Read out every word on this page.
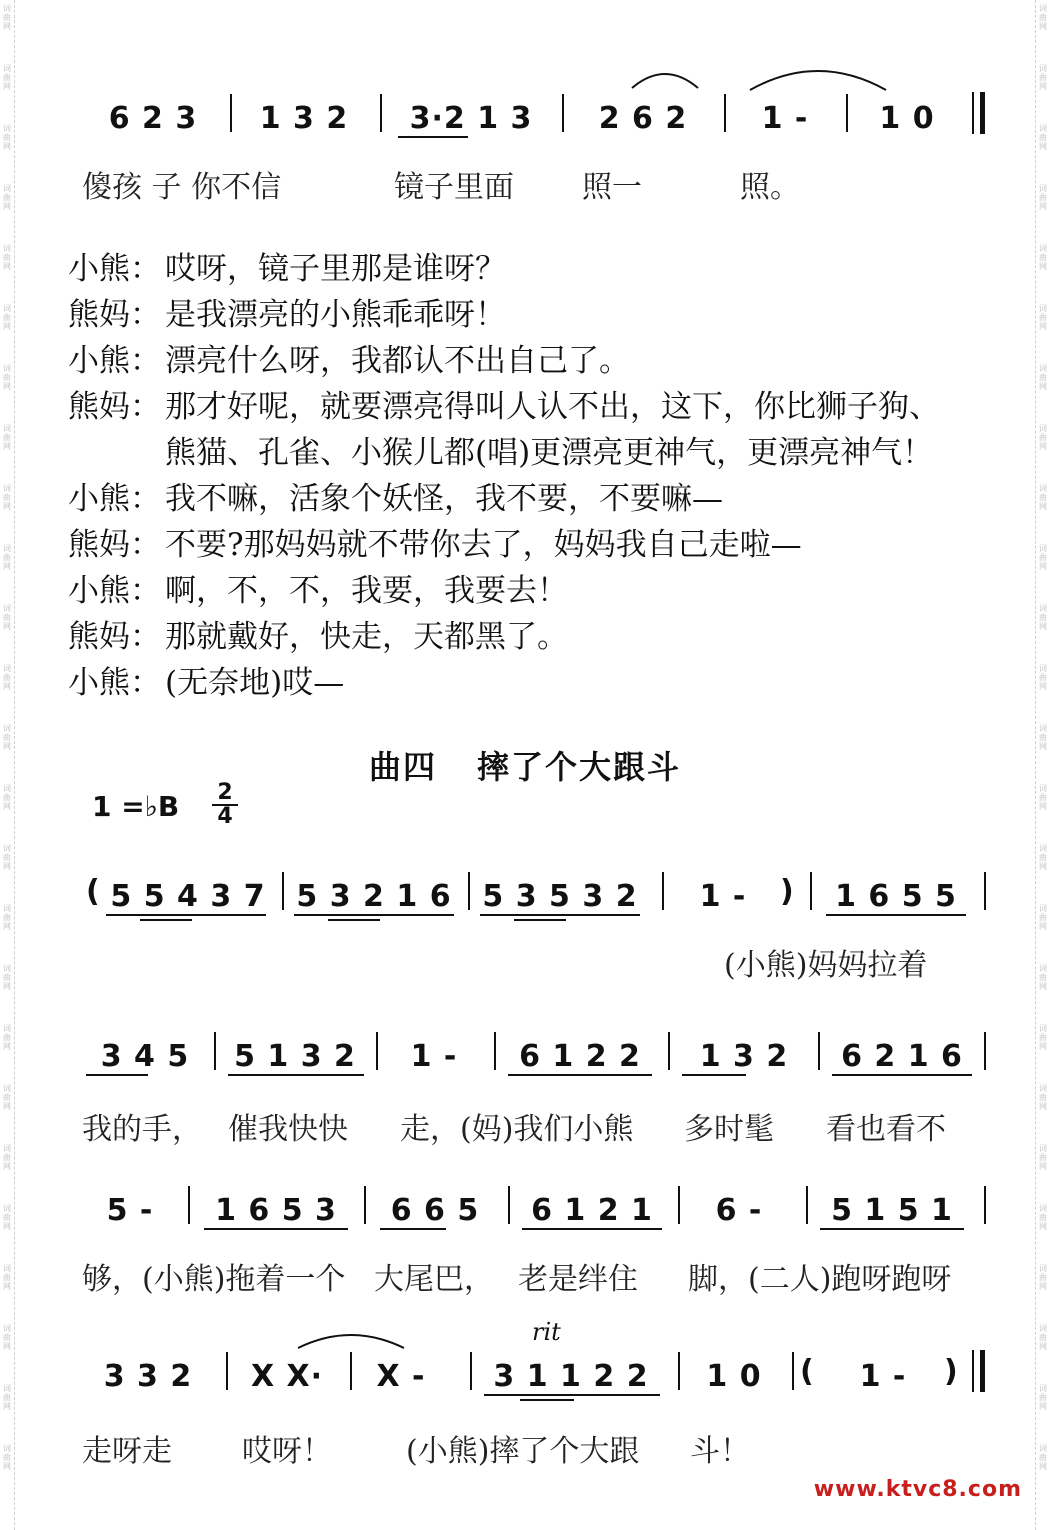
词
曲
网
词
曲
网
词
曲
网
词
曲
网
词
曲
网
词
曲
网
词
曲
网
词
曲
网
词
曲
网
词
曲
网
词
曲
网
词
曲
网
词
曲
网
词
曲
网
词
曲
网
词
曲
网
词
曲
网
词
曲
网
词
曲
网
词
曲
网
词
曲
网
词
曲
网
词
曲
网
词
曲
网
词
曲
网
词
曲
网
词
曲
网
词
曲
网
词
曲
网
词
曲
网
词
曲
网
词
曲
网
词
曲
网
词
曲
网
词
曲
网
词
曲
网
词
曲
网
词
曲
网
词
曲
网
词
曲
网
词
曲
网
词
曲
网
词
曲
网
词
曲
网
词
曲
网
词
曲
网
词
曲
网
词
曲
网
词
曲
网
词
曲
网
6 2 3	1 3 2	3·2 1 3	2 6 2	1 -	1 0
傻孩 子 你不信	镜子里面 照一	照。
小熊： 哎呀，镜子里那是谁呀？
熊妈： 是我漂亮的小熊乖乖呀！
小熊： 漂亮什么呀，我都认不出自己了。
熊妈： 那才好呢，就要漂亮得叫人认不出，这下，你比狮子狗、
熊猫、孔雀、小猴儿都(唱)更漂亮更神气，更漂亮神气！
小熊： 我不嘛，活象个妖怪，我不要，不要嘛—
熊妈： 不要?那妈妈就不带你去了，妈妈我自己走啦—
小熊： 啊，不，不，我要，我要去！
熊妈： 那就戴好，快走，天都黑了。
小熊： (无奈地)哎—
曲四 摔了个大跟斗
1 =♭B $\frac{2}{4}$
( 5 5 4 3 7	5 3 2 1 6 5 3 5 3 2	1 -	)	1 6 5 5
(小熊)妈妈拉着
3 4 5	5 1 3 2	1 -	6 1 2 2	1 3 2	6 2 1 6
我的手， 催我快快 走，(妈)我们小熊 多时髦 看也看不
5 -	1 6 5 3	6 6 5	6 1 2 1	6 -	5 1 5 1
够，(小熊)拖着一个 大尾巴， 老是绊住 脚，(二人)跑呀跑呀
rit
3 3 2	X X·	X -	3 1 1 2 2	1 0	(	1 -	)
走呀走 哎呀！ (小熊)摔了个大跟 斗！
www.ktvc8.com
